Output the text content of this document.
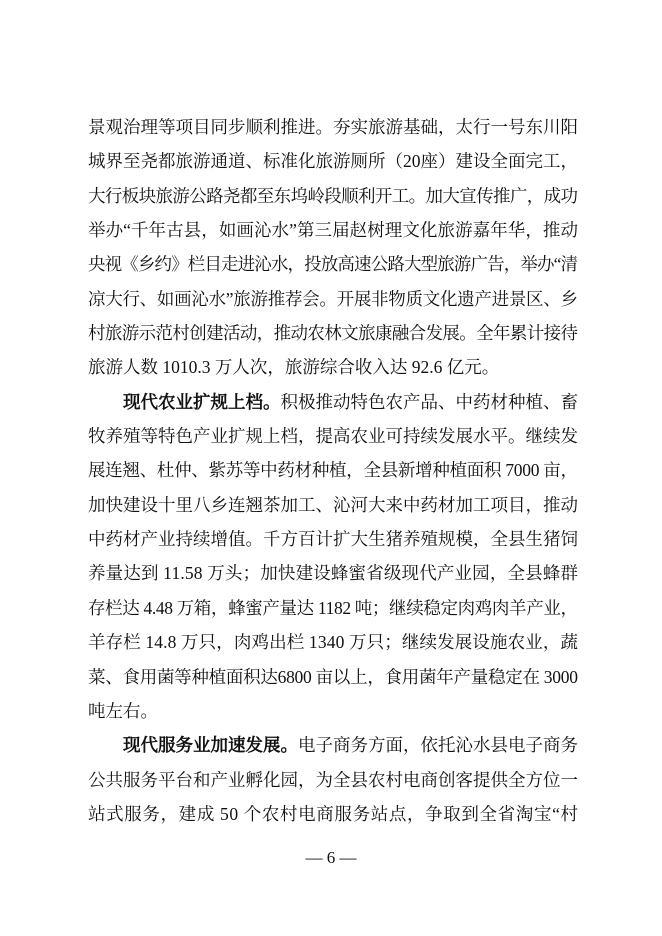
景观治理等项目同步顺利推进。夯实旅游基础，太行一号东川阳
城界至尧都旅游通道、标准化旅游厕所（20座）建设全面完工，
大行板块旅游公路尧都至东坞岭段顺利开工。加大宣传推广，成功
举办“千年古县，如画沁水”第三届赵树理文化旅游嘉年华，推动
央视《乡约》栏目走进沁水，投放高速公路大型旅游广告，举办“清
凉大行、如画沁水”旅游推荐会。开展非物质文化遗产进景区、乡
村旅游示范村创建活动，推动农林文旅康融合发展。全年累计接待
旅游人数 1010.3 万人次，旅游综合收入达 92.6 亿元。
现代农业扩规上档。积极推动特色农产品、中药材种植、畜
牧养殖等特色产业扩规上档，提高农业可持续发展水平。继续发
展连翘、杜仲、紫苏等中药材种植，全县新增种植面积 7000 亩，
加快建设十里八乡连翘茶加工、沁河大来中药材加工项目，推动
中药材产业持续增值。千方百计扩大生猪养殖规模，全县生猪饲
养量达到 11.58 万头；加快建设蜂蜜省级现代产业园，全县蜂群
存栏达 4.48 万箱，蜂蜜产量达 1182 吨；继续稳定肉鸡肉羊产业，
羊存栏 14.8 万只，肉鸡出栏 1340 万只；继续发展设施农业，蔬
菜、食用菌等种植面积达6800 亩以上，食用菌年产量稳定在 3000
吨左右。
现代服务业加速发展。电子商务方面，依托沁水县电子商务
公共服务平台和产业孵化园，为全县农村电商创客提供全方位一
站式服务，建成 50 个农村电商服务站点，争取到全省淘宝“村
— 6 —
